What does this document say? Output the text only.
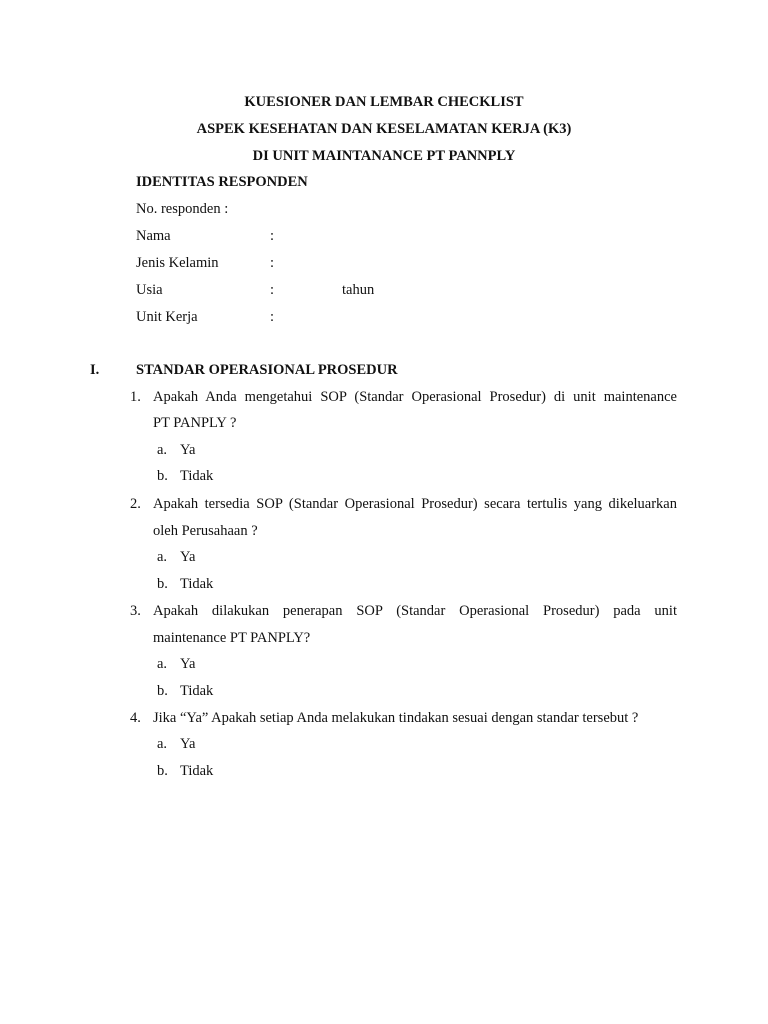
KUESIONER DAN LEMBAR CHECKLIST
ASPEK KESEHATAN DAN KESELAMATAN KERJA (K3)
DI UNIT MAINTANANCE PT PANNPLY
IDENTITAS RESPONDEN
No. responden :
Nama	:
Jenis Kelamin	:
Usia	:	tahun
Unit Kerja	:
I.	STANDAR OPERASIONAL PROSEDUR
1. Apakah Anda mengetahui SOP (Standar Operasional Prosedur) di unit maintenance
PT PANPLY ?
a. Ya
b. Tidak
2. Apakah tersedia SOP (Standar Operasional Prosedur) secara tertulis yang dikeluarkan
oleh Perusahaan ?
a. Ya
b. Tidak
3. Apakah dilakukan penerapan SOP (Standar Operasional Prosedur) pada unit
maintenance PT PANPLY?
a. Ya
b. Tidak
4. Jika “Ya” Apakah setiap Anda melakukan tindakan sesuai dengan standar tersebut ?
a. Ya
b. Tidak
